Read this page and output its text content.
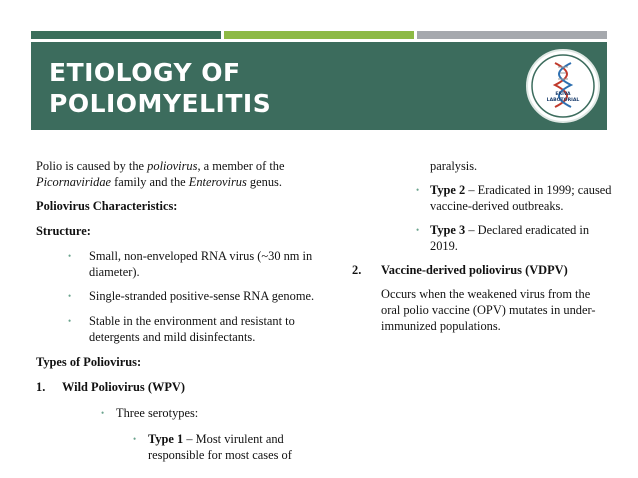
ETIOLOGY OF
POLIOMYELITIS	ERIVA
LABOTORIAL

Polio is caused by the poliovirus, a member of the Picornaviridae family and the Enterovirus genus.

Poliovirus Characteristics:

Structure:

• Small, non-enveloped RNA virus (~30 nm in diameter).
• Single-stranded positive-sense RNA genome.
• Stable in the environment and resistant to detergents and mild disinfectants.

Types of Poliovirus:

1. Wild Poliovirus (WPV)
• Three serotypes:
• Type 1 – Most virulent and responsible for most cases of
paralysis.
• Type 2 – Eradicated in 1999; caused vaccine-derived outbreaks.
• Type 3 – Declared eradicated in 2019.
2. Vaccine-derived poliovirus (VDPV)

Occurs when the weakened virus from the oral polio vaccine (OPV) mutates in under-immunized populations.
